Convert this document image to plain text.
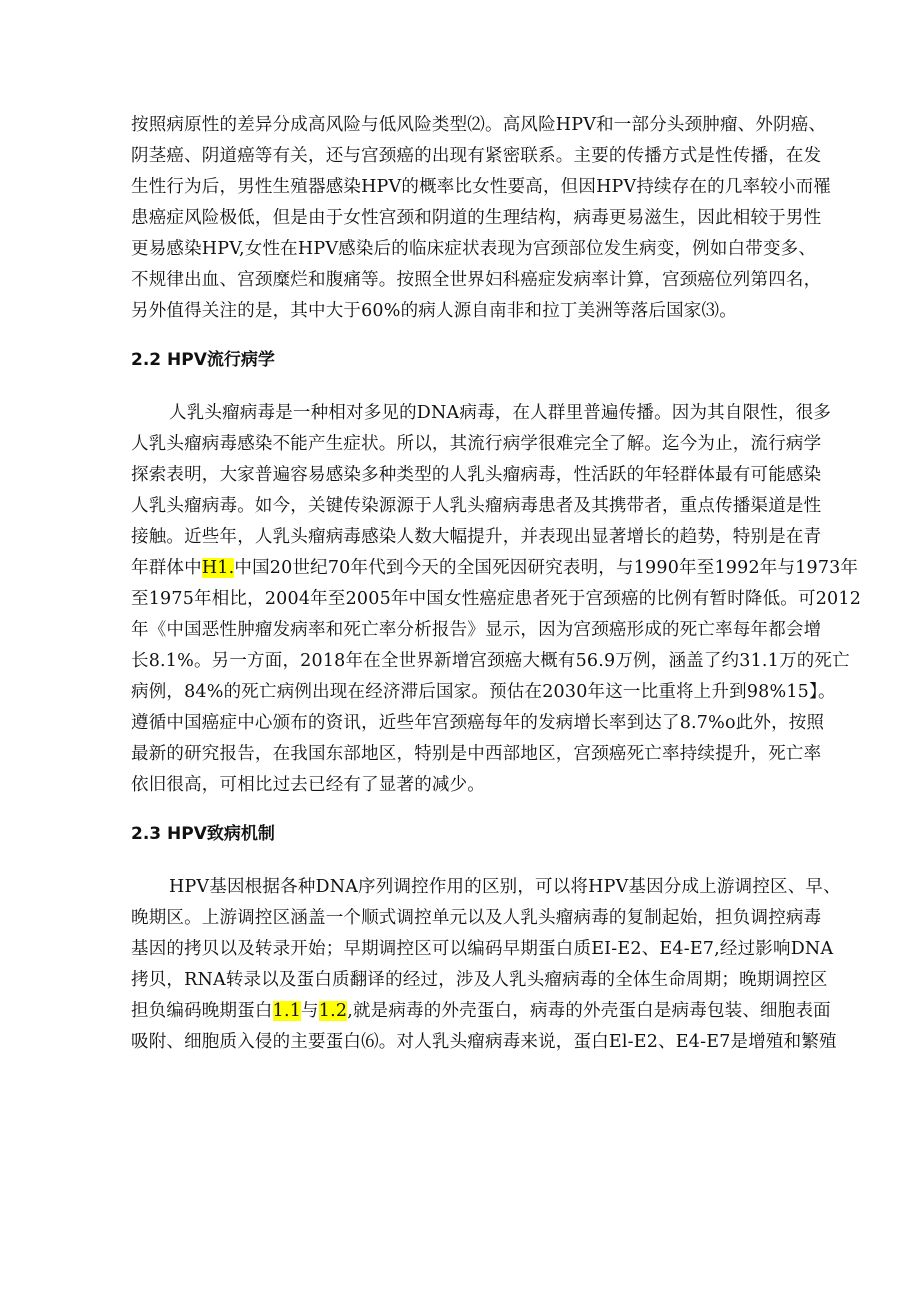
按照病原性的差异分成高风险与低风险类型⑵。高风险HPV和一部分头颈肿瘤、外阴癌、
阴茎癌、阴道癌等有关，还与宫颈癌的出现有紧密联系。主要的传播方式是性传播，在发
生性行为后，男性生殖器感染HPV的概率比女性要高，但因HPV持续存在的几率较小而罹
患癌症风险极低，但是由于女性宫颈和阴道的生理结构，病毒更易滋生，因此相较于男性
更易感染HPV,女性在HPV感染后的临床症状表现为宫颈部位发生病变，例如白带变多、
不规律出血、宫颈糜烂和腹痛等。按照全世界妇科癌症发病率计算，宫颈癌位列第四名，
另外值得关注的是，其中大于60%的病人源自南非和拉丁美洲等落后国家⑶。
2.2 HPV流行病学
人乳头瘤病毒是一种相对多见的DNA病毒，在人群里普遍传播。因为其自限性，很多
人乳头瘤病毒感染不能产生症状。所以，其流行病学很难完全了解。迄今为止，流行病学
探索表明，大家普遍容易感染多种类型的人乳头瘤病毒，性活跃的年轻群体最有可能感染
人乳头瘤病毒。如今，关键传染源源于人乳头瘤病毒患者及其携带者，重点传播渠道是性
接触。近些年，人乳头瘤病毒感染人数大幅提升，并表现出显著增长的趋势，特别是在青
年群体中H1.中国20世纪70年代到今天的全国死因研究表明，与1990年至1992年与1973年
至1975年相比，2004年至2005年中国女性癌症患者死于宫颈癌的比例有暂时降低。可2012
年《中国恶性肿瘤发病率和死亡率分析报告》显示，因为宫颈癌形成的死亡率每年都会增
长8.1%。另一方面，2018年在全世界新增宫颈癌大概有56.9万例，涵盖了约31.1万的死亡
病例，84%的死亡病例出现在经济滞后国家。预估在2030年这一比重将上升到98%15】。
遵循中国癌症中心颁布的资讯，近些年宫颈癌每年的发病增长率到达了8.7%o此外，按照
最新的研究报告，在我国东部地区，特别是中西部地区，宫颈癌死亡率持续提升，死亡率
依旧很高，可相比过去已经有了显著的减少。
2.3 HPV致病机制
HPV基因根据各种DNA序列调控作用的区别，可以将HPV基因分成上游调控区、早、
晚期区。上游调控区涵盖一个顺式调控单元以及人乳头瘤病毒的复制起始，担负调控病毒
基因的拷贝以及转录开始；早期调控区可以编码早期蛋白质EI-E2、E4-E7,经过影响DNA
拷贝，RNA转录以及蛋白质翻译的经过，涉及人乳头瘤病毒的全体生命周期；晚期调控区
担负编码晚期蛋白1.1与1.2,就是病毒的外壳蛋白，病毒的外壳蛋白是病毒包装、细胞表面
吸附、细胞质入侵的主要蛋白⑹。对人乳头瘤病毒来说，蛋白El-E2、E4-E7是增殖和繁殖
